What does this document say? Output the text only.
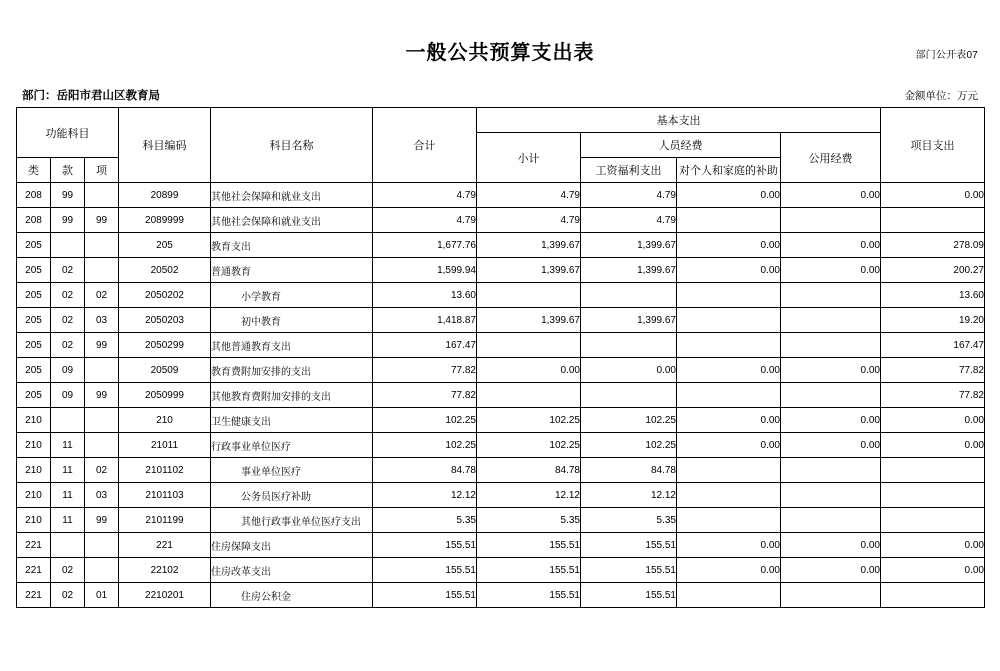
部门公开表07
一般公共预算支出表
部门：岳阳市君山区教育局	金额单位：万元
功能科目			科目编码	科目名称	合计	基本支出				项目支出
						小计	人员经费		公用经费	
类	款	项					工资福利支出	对个人和家庭的补助		
208	99		20899	其他社会保障和就业支出	4.79	4.79	4.79	0.00	0.00	0.00
208	99	99	2089999	其他社会保障和就业支出	4.79	4.79	4.79			
205			205	教育支出	1,677.76	1,399.67	1,399.67	0.00	0.00	278.09
205	02		20502	普通教育	1,599.94	1,399.67	1,399.67	0.00	0.00	200.27
205	02	02	2050202	小学教育	13.60					13.60
205	02	03	2050203	初中教育	1,418.87	1,399.67	1,399.67			19.20
205	02	99	2050299	其他普通教育支出	167.47					167.47
205	09		20509	教育费附加安排的支出	77.82	0.00	0.00	0.00	0.00	77.82
205	09	99	2050999	其他教育费附加安排的支出	77.82					77.82
210			210	卫生健康支出	102.25	102.25	102.25	0.00	0.00	0.00
210	11		21011	行政事业单位医疗	102.25	102.25	102.25	0.00	0.00	0.00
210	11	02	2101102	事业单位医疗	84.78	84.78	84.78			
210	11	03	2101103	公务员医疗补助	12.12	12.12	12.12			
210	11	99	2101199	其他行政事业单位医疗支出	5.35	5.35	5.35			
221			221	住房保障支出	155.51	155.51	155.51	0.00	0.00	0.00
221	02		22102	住房改革支出	155.51	155.51	155.51	0.00	0.00	0.00
221	02	01	2210201	住房公积金	155.51	155.51	155.51			
